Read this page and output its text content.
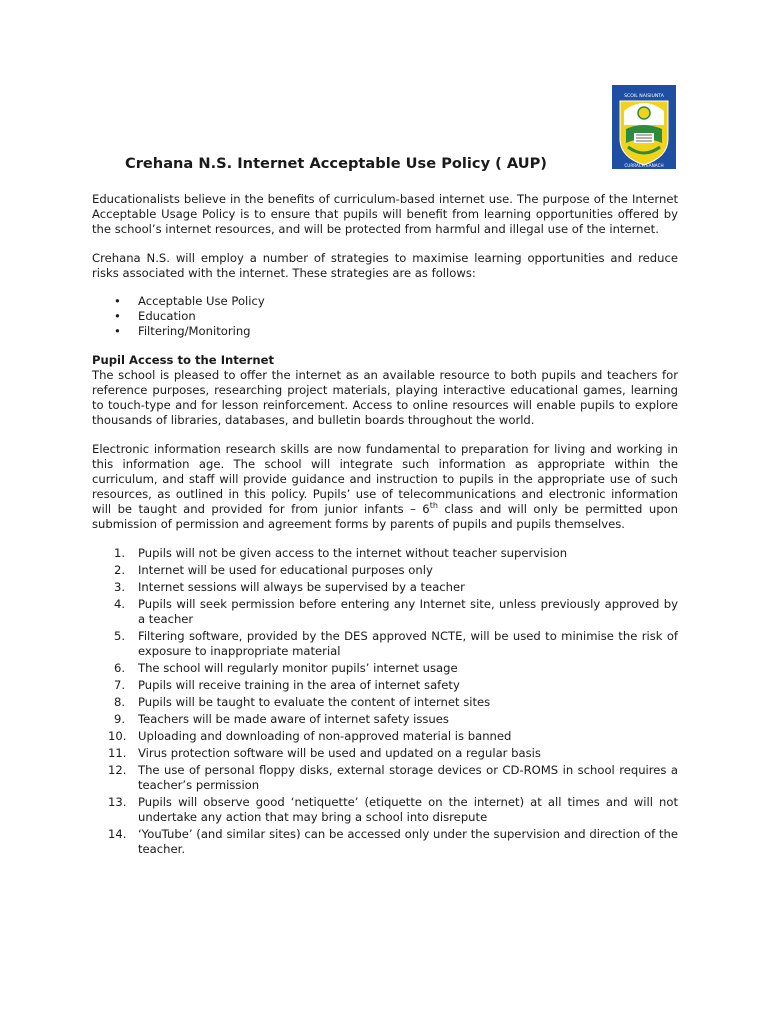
SCOIL NAISIUNTA
CURRACH EANACH
Crehana N.S. Internet Acceptable Use Policy ( AUP)

Educationalists believe in the benefits of curriculum-based internet use. The purpose of the Internet Acceptable Usage Policy is to ensure that pupils will benefit from learning opportunities offered by the school’s internet resources, and will be protected from harmful and illegal use of the internet.

Crehana N.S. will employ a number of strategies to maximise learning opportunities and reduce risks associated with the internet. These strategies are as follows:

• Acceptable Use Policy
• Education
• Filtering/Monitoring

Pupil Access to the Internet

The school is pleased to offer the internet as an available resource to both pupils and teachers for reference purposes, researching project materials, playing interactive educational games, learning to touch-type and for lesson reinforcement. Access to online resources will enable pupils to explore thousands of libraries, databases, and bulletin boards throughout the world.

Electronic information research skills are now fundamental to preparation for living and working in this information age. The school will integrate such information as appropriate within the curriculum, and staff will provide guidance and instruction to pupils in the appropriate use of such resources, as outlined in this policy. Pupils’ use of telecommunications and electronic information will be taught and provided for from junior infants – 6th class and will only be permitted upon submission of permission and agreement forms by parents of pupils and pupils themselves.

1. Pupils will not be given access to the internet without teacher supervision
2. Internet will be used for educational purposes only
3. Internet sessions will always be supervised by a teacher
4. Pupils will seek permission before entering any Internet site, unless previously approved by a teacher
5. Filtering software, provided by the DES approved NCTE, will be used to minimise the risk of exposure to inappropriate material
6. The school will regularly monitor pupils’ internet usage
7. Pupils will receive training in the area of internet safety
8. Pupils will be taught to evaluate the content of internet sites
9. Teachers will be made aware of internet safety issues
10. Uploading and downloading of non-approved material is banned
11. Virus protection software will be used and updated on a regular basis
12. The use of personal floppy disks, external storage devices or CD-ROMS in school requires a teacher’s permission
13. Pupils will observe good ‘netiquette’ (etiquette on the internet) at all times and will not undertake any action that may bring a school into disrepute
14. ‘YouTube’ (and similar sites) can be accessed only under the supervision and direction of the teacher.
